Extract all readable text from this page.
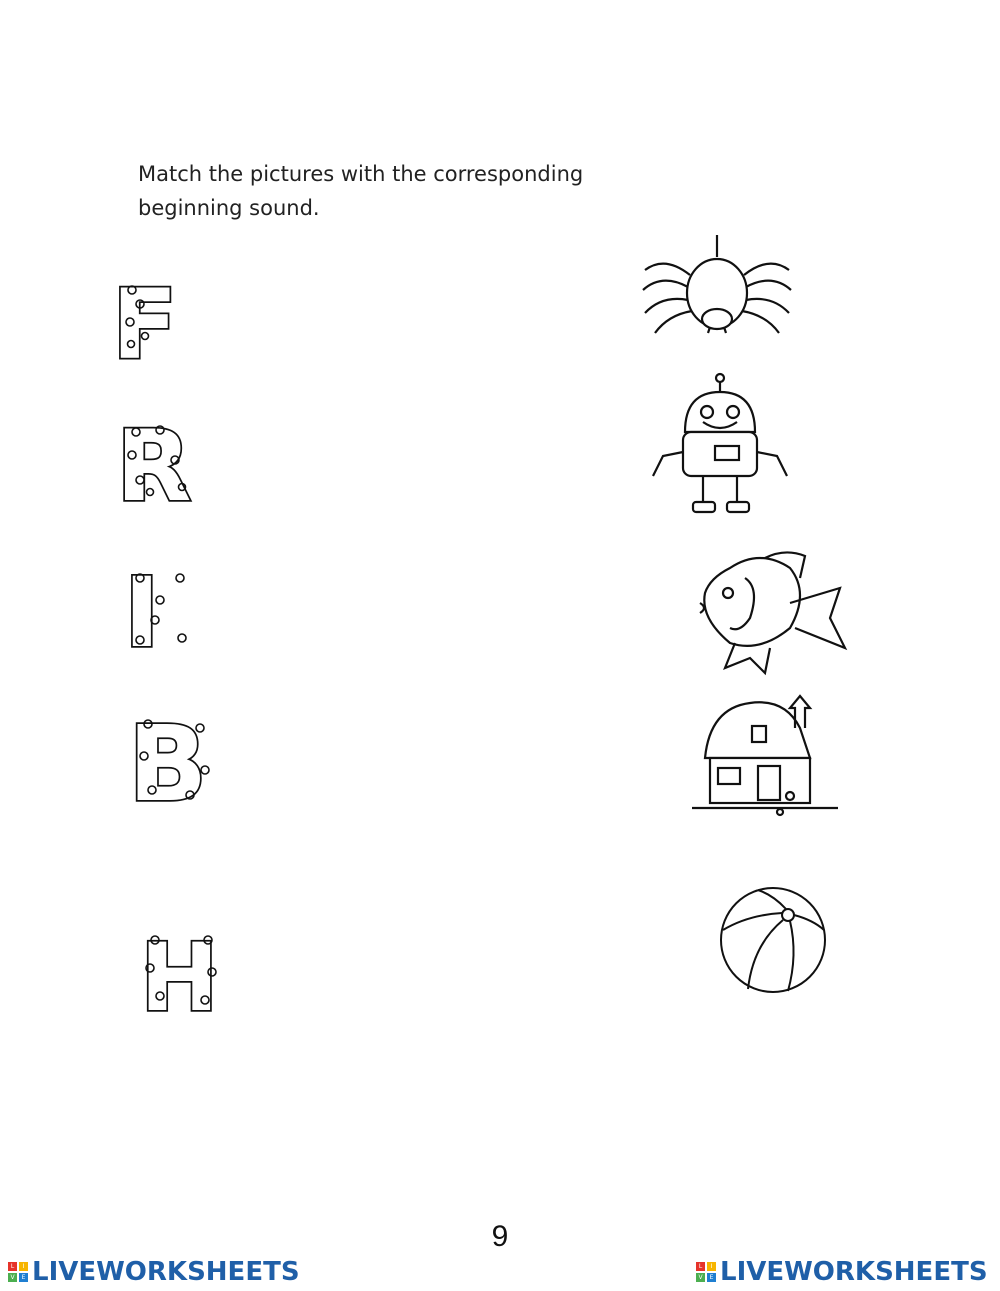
Match the pictures with the corresponding
beginning sound.
F
R
I
B
H
9
L	I
V	E LIVEWORKSHEETS	L	I
V	E LIVEWORKSHEETS
